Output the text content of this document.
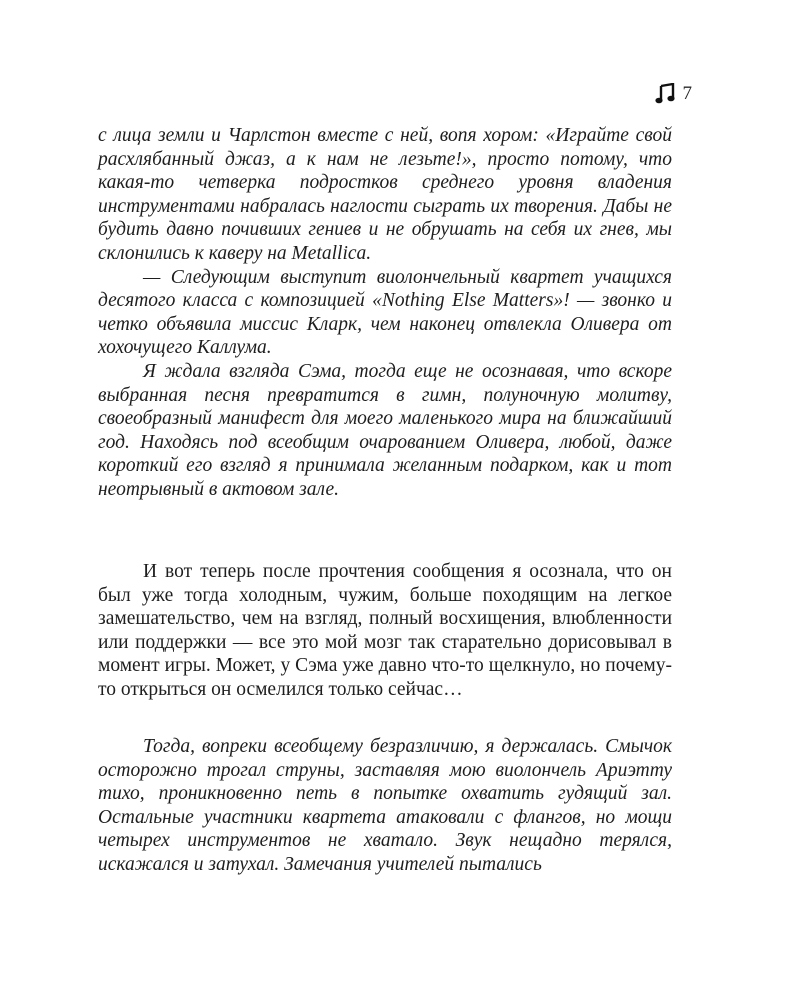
7

с лица земли и Чарлстон вместе с ней, вопя хором: «Играйте свой расхлябанный джаз, а к нам не лезьте!», просто потому, что какая-то четверка подростков среднего уровня владения инструментами набралась наглости сыграть их творения. Дабы не будить давно почивших гениев и не обрушать на себя их гнев, мы склонились к каверу на Metallica.

— Следующим выступит виолончельный квартет учащихся десятого класса с композицией «Nothing Else Matters»! — звонко и четко объявила миссис Кларк, чем наконец отвлекла Оливера от хохочущего Каллума.

Я ждала взгляда Сэма, тогда еще не осознавая, что вскоре выбранная песня превратится в гимн, полуночную молитву, своеобразный манифест для моего маленького мира на ближайший год. Находясь под всеобщим очарованием Оливера, любой, даже короткий его взгляд я принимала желанным подарком, как и тот неотрывный в актовом зале.

И вот теперь после прочтения сообщения я осознала, что он был уже тогда холодным, чужим, больше походящим на легкое замешательство, чем на взгляд, полный восхищения, влюбленности или поддержки — все это мой мозг так старательно дорисовывал в момент игры. Может, у Сэма уже давно что-то щелкнуло, но почему-то открыться он осмелился только сейчас…

Тогда, вопреки всеобщему безразличию, я держалась. Смычок осторожно трогал струны, заставляя мою виолончель Ариэтту тихо, проникновенно петь в попытке охватить гудящий зал. Остальные участники квартета атаковали с флангов, но мощи четырех инструментов не хватало. Звук нещадно терялся, искажался и затухал. Замечания учителей пытались
